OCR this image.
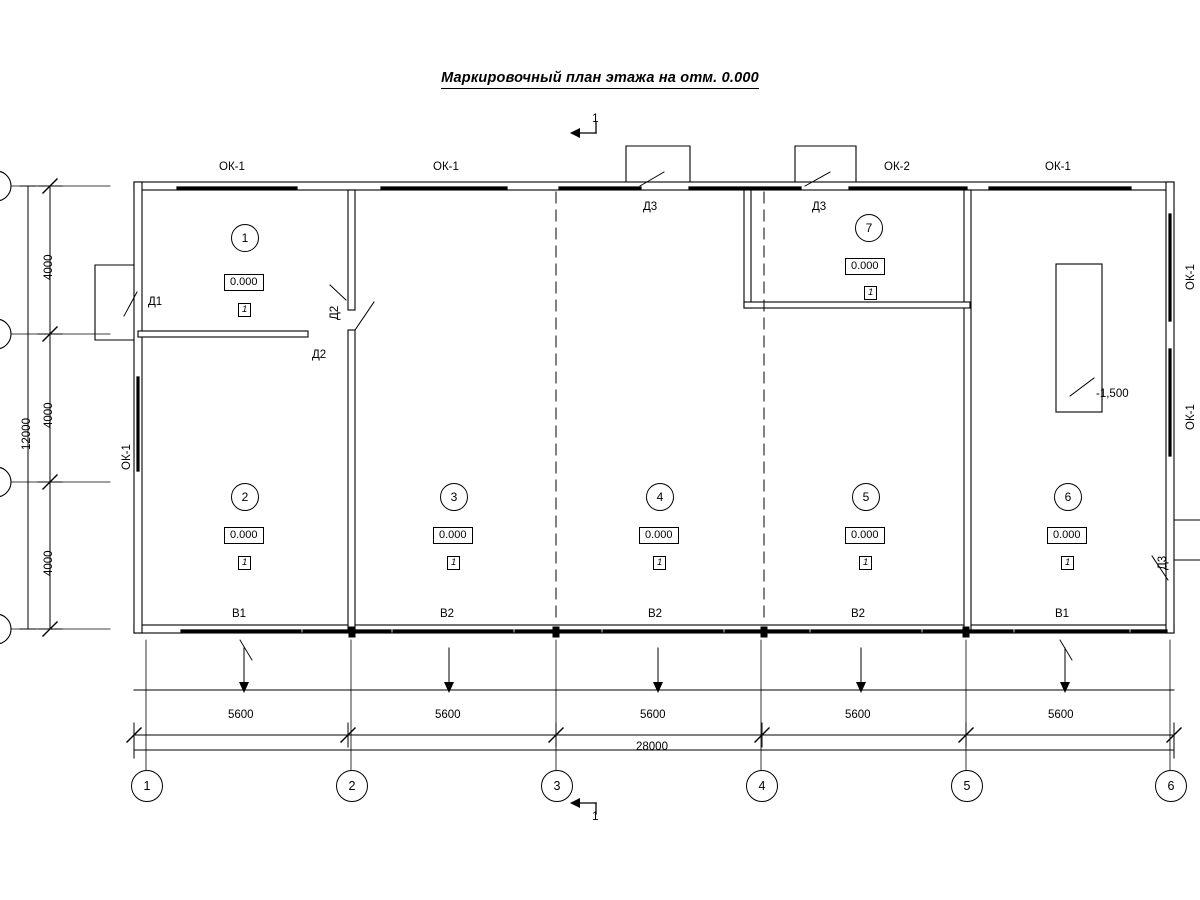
Маркировочный план этажа на отм. 0.000
ОК-1	ОК-1	ОК-2	ОК-1
Д3	Д3
Д1
Д2
Д2
ОК-1
ОК-1
ОК-1
Д3
1
0.000
1
2
0.000
1
3
0.000
1
4
0.000
1
5
0.000
1
6
0.000
1
7
0.000
1
-1,500
В1	В2	В2	В2	В1
5600	5600	5600	5600	5600
28000
4000
4000
4000
12000
1	2	3	4	5	6
1
1
